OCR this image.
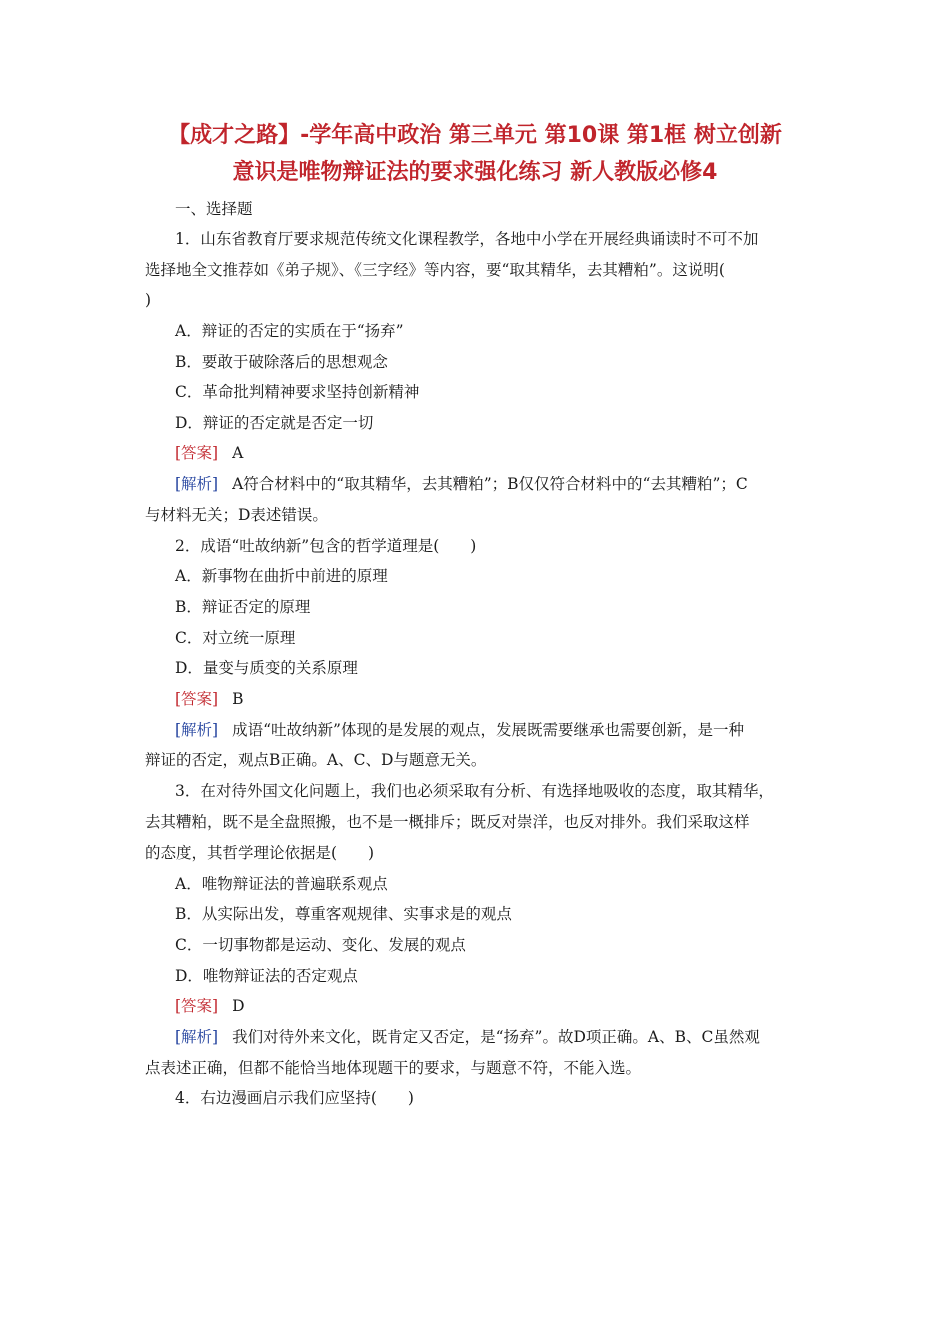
【成才之路】-学年高中政治 第三单元 第10课 第1框 树立创新
意识是唯物辩证法的要求强化练习 新人教版必修4
一、选择题
1．山东省教育厅要求规范传统文化课程教学，各地中小学在开展经典诵读时不可不加
选择地全文推荐如《弟子规》、《三字经》等内容，要“取其精华，去其糟粕”。这说明(
)
A．辩证的否定的实质在于“扬弃”
B．要敢于破除落后的思想观念
C．革命批判精神要求坚持创新精神
D．辩证的否定就是否定一切
[答案] A
[解析] A符合材料中的“取其精华，去其糟粕”；B仅仅符合材料中的“去其糟粕”；C
与材料无关；D表述错误。
2．成语“吐故纳新”包含的哲学道理是(　　)
A．新事物在曲折中前进的原理
B．辩证否定的原理
C．对立统一原理
D．量变与质变的关系原理
[答案] B
[解析] 成语“吐故纳新”体现的是发展的观点，发展既需要继承也需要创新，是一种
辩证的否定，观点B正确。A、C、D与题意无关。
3．在对待外国文化问题上，我们也必须采取有分析、有选择地吸收的态度，取其精华，
去其糟粕，既不是全盘照搬，也不是一概排斥；既反对崇洋，也反对排外。我们采取这样
的态度，其哲学理论依据是(　　)
A．唯物辩证法的普遍联系观点
B．从实际出发，尊重客观规律、实事求是的观点
C．一切事物都是运动、变化、发展的观点
D．唯物辩证法的否定观点
[答案] D
[解析] 我们对待外来文化，既肯定又否定，是“扬弃”。故D项正确。A、B、C虽然观
点表述正确，但都不能恰当地体现题干的要求，与题意不符，不能入选。
4．右边漫画启示我们应坚持(　　)
